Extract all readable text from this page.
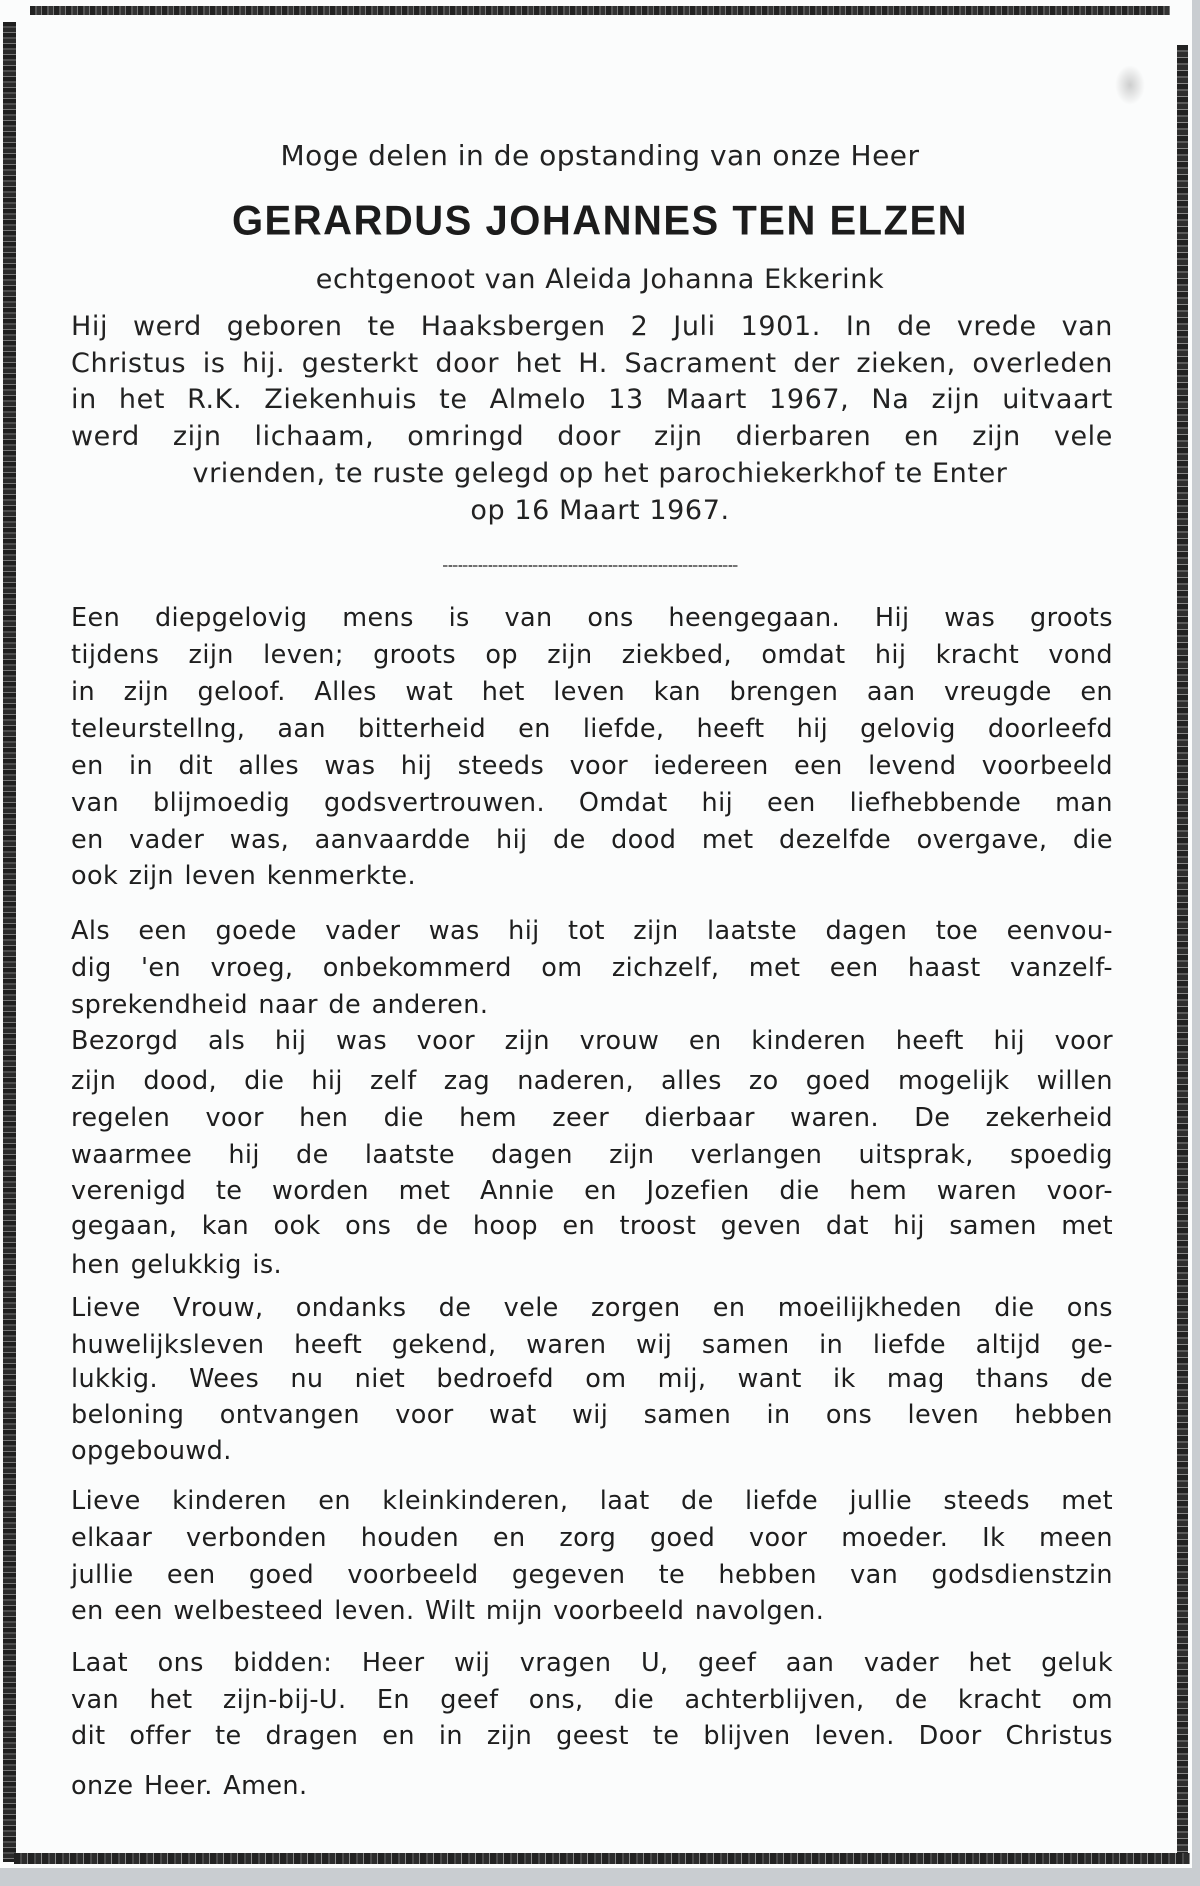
Moge delen in de opstanding van onze Heer
GERARDUS JOHANNES TEN ELZEN
echtgenoot van Aleida Johanna Ekkerink
Hij werd geboren te Haaksbergen 2 Juli 1901. In de vrede van
Christus is hij. gesterkt door het H. Sacrament der zieken, overleden
in het R.K. Ziekenhuis te Almelo 13 Maart 1967, Na zijn uitvaart
werd zijn lichaam, omringd door zijn dierbaren en zijn vele
vrienden, te ruste gelegd op het parochiekerkhof te Enter
op 16 Maart 1967.
Een diepgelovig mens is van ons heengegaan. Hij was groots
tijdens zijn leven; groots op zijn ziekbed, omdat hij kracht vond
in zijn geloof. Alles wat het leven kan brengen aan vreugde en
teleurstellng, aan bitterheid en liefde, heeft hij gelovig doorleefd
en in dit alles was hij steeds voor iedereen een levend voorbeeld
van blijmoedig godsvertrouwen. Omdat hij een liefhebbende man
en vader was, aanvaardde hij de dood met dezelfde overgave, die
ook zijn leven kenmerkte.
Als een goede vader was hij tot zijn laatste dagen toe eenvou-
dig 'en vroeg, onbekommerd om zichzelf, met een haast vanzelf-
sprekendheid naar de anderen.
Bezorgd als hij was voor zijn vrouw en kinderen heeft hij voor
zijn dood, die hij zelf zag naderen, alles zo goed mogelijk willen
regelen voor hen die hem zeer dierbaar waren. De zekerheid
waarmee hij de laatste dagen zijn verlangen uitsprak, spoedig
verenigd te worden met Annie en Jozefien die hem waren voor-
gegaan, kan ook ons de hoop en troost geven dat hij samen met
hen gelukkig is.
Lieve Vrouw, ondanks de vele zorgen en moeilijkheden die ons
huwelijksleven heeft gekend, waren wij samen in liefde altijd ge-
lukkig. Wees nu niet bedroefd om mij, want ik mag thans de
beloning ontvangen voor wat wij samen in ons leven hebben
opgebouwd.
Lieve kinderen en kleinkinderen, laat de liefde jullie steeds met
elkaar verbonden houden en zorg goed voor moeder. Ik meen
jullie een goed voorbeeld gegeven te hebben van godsdienstzin
en een welbesteed leven. Wilt mijn voorbeeld navolgen.
Laat ons bidden: Heer wij vragen U, geef aan vader het geluk
van het zijn-bij-U. En geef ons, die achterblijven, de kracht om
dit offer te dragen en in zijn geest te blijven leven. Door Christus
onze Heer. Amen.
